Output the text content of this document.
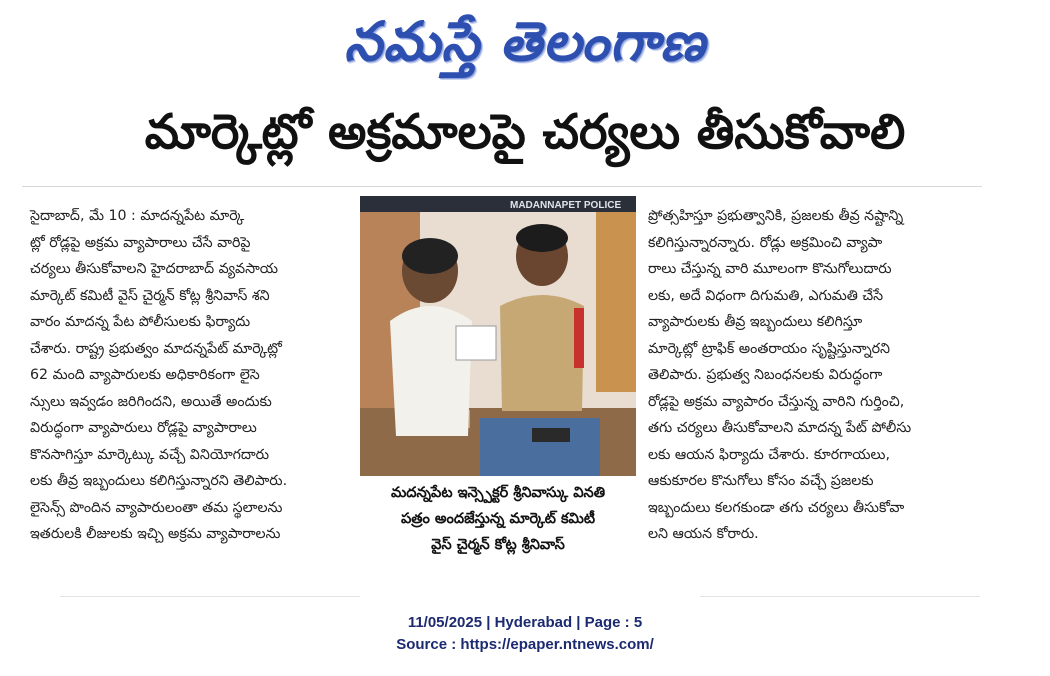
నమస్తే తెలంగాణ
మార్కెట్లో అక్రమాలపై చర్యలు తీసుకోవాలి

సైదాబాద్, మే 10 : మాదన్నపేట మార్కె

ట్లో రోడ్లపై అక్రమ వ్యాపారాలు చేసే వారిపై

చర్యలు తీసుకోవాలని హైదరాబాద్ వ్యవసాయ

మార్కెట్ కమిటీ వైస్ చైర్మన్ కోట్ల శ్రీనివాస్ శని

వారం మాదన్న పేట పోలీసులకు ఫిర్యాదు

చేశారు. రాష్ట్ర ప్రభుత్వం మాదన్నపేట్ మార్కెట్లో

62 మంది వ్యాపారులకు అధికారికంగా లైసె

న్సులు ఇవ్వడం జరిగిందని, అయితే అందుకు

విరుద్ధంగా వ్యాపారులు రోడ్లపై వ్యాపారాలు

కొనసాగిస్తూ మార్కెట్కు వచ్చే వినియోగదారు

లకు తీవ్ర ఇబ్బందులు కలిగిస్తున్నారని తెలిపారు.

లైసెన్స్ పొందిన వ్యాపారులంతా తమ స్థలాలను

ఇతరులకి లీజులకు ఇచ్చి అక్రమ వ్యాపారాలను

MADANNAPET POLICE
మదన్నపేట ఇన్స్పెక్టర్ శ్రీనివాస్కు వినతి
పత్రం అందజేస్తున్న మార్కెట్ కమిటీ
వైస్ చైర్మన్ కోట్ల శ్రీనివాస్

ప్రోత్సహిస్తూ ప్రభుత్వానికి, ప్రజలకు తీవ్ర నష్టాన్ని

కలిగిస్తున్నారన్నారు. రోడ్లు అక్రమించి వ్యాపా

రాలు చేస్తున్న వారి మూలంగా కొనుగోలుదారు

లకు, అదే విధంగా దిగుమతి, ఎగుమతి చేసే

వ్యాపారులకు తీవ్ర ఇబ్బందులు కలిగిస్తూ

మార్కెట్లో ట్రాఫిక్ అంతరాయం సృష్టిస్తున్నారని

తెలిపారు. ప్రభుత్వ నిబంధనలకు విరుద్ధంగా

రోడ్లపై అక్రమ వ్యాపారం చేస్తున్న వారిని గుర్తించి,

తగు చర్యలు తీసుకోవాలని మాదన్న పేట్ పోలీసు

లకు ఆయన ఫిర్యాదు చేశారు. కూరగాయలు,

ఆకుకూరల కొనుగోలు కోసం వచ్చే ప్రజలకు

ఇబ్బందులు కలగకుండా తగు చర్యలు తీసుకోవా

లని ఆయన కోరారు.

11/05/2025 | Hyderabad | Page : 5
Source : https://epaper.ntnews.com/
